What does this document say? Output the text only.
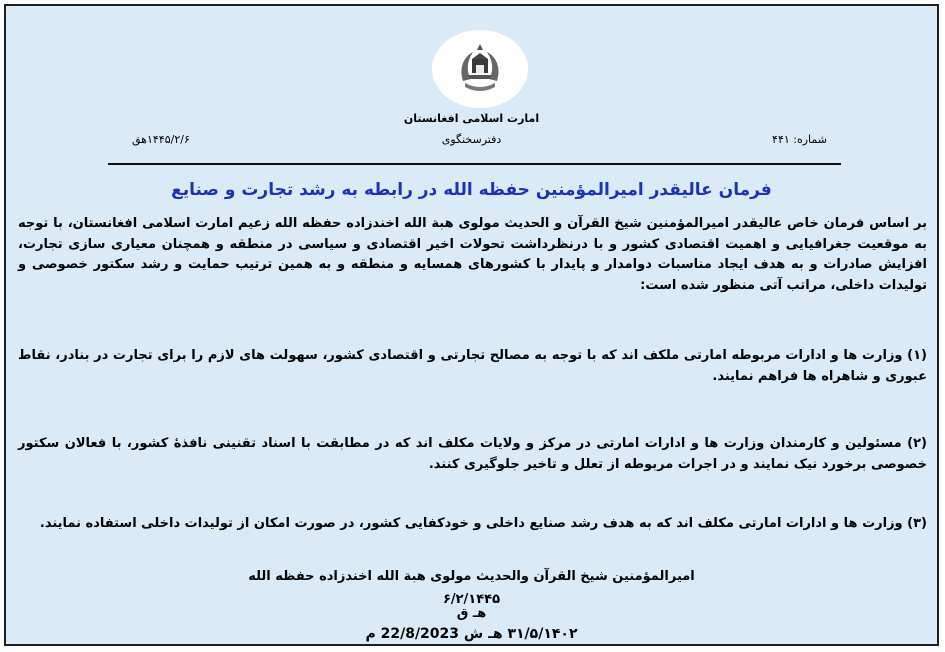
امارت اسلامی افغانستان
شماره: ۴۴۱
دفترسخنگوی
۱۴۴۵/۲/۶هق
فرمان عالیقدر امیرالمؤمنین حفظه الله در رابطه به رشد تجارت و صنایع
بر اساس فرمان خاص عالیقدر امیرالمؤمنین شیخ القرآن و الحدیث مولوی هبة الله اخندزاده حفظه الله زعیم امارت اسلامی افغانستان، با توجه به موقعیت جغرافیایی و اهمیت اقتصادی کشور و با درنظرداشت تحولات اخیر اقتصادی و سیاسی در منطقه و همچنان معیاری سازی تجارت، افزایش صادرات و به هدف ایجاد مناسبات دوامدار و پایدار با کشورهای همسایه و منطقه و به همین ترتیب حمایت و رشد سکتور خصوصی و تولیدات داخلی، مراتب آتی منظور شده است:
(۱) وزارت ها و ادارات مربوطه امارتی ملکف اند که با توجه به مصالح تجارتی و اقتصادی کشور، سهولت های لازم را برای تجارت در بنادر، نقاط عبوری و شاهراه ها فراهم نمایند.
(۲) مسئولین و کارمندان وزارت ها و ادارات امارتی در مرکز و ولایات مکلف اند که در مطابقت با اسناد تقنینی نافذۀ کشور، با فعالان سکتور خصوصی برخورد نیک نمایند و در اجرات مربوطه از تعلل و تاخیر جلوگیری کنند.
(۳) وزارت ها و ادارات امارتی مکلف اند که به هدف رشد صنایع داخلی و خودکفایی کشور، در صورت امکان از تولیدات داخلی استفاده نمایند.
امیرالمؤمنین شیخ القرآن والحدیث مولوی هبة الله اخندزاده حفظه الله
۶/۲/۱۴۴۵
هـ ق
۳۱/۵/۱۴۰۲ هـ ش 22/8/2023 م
